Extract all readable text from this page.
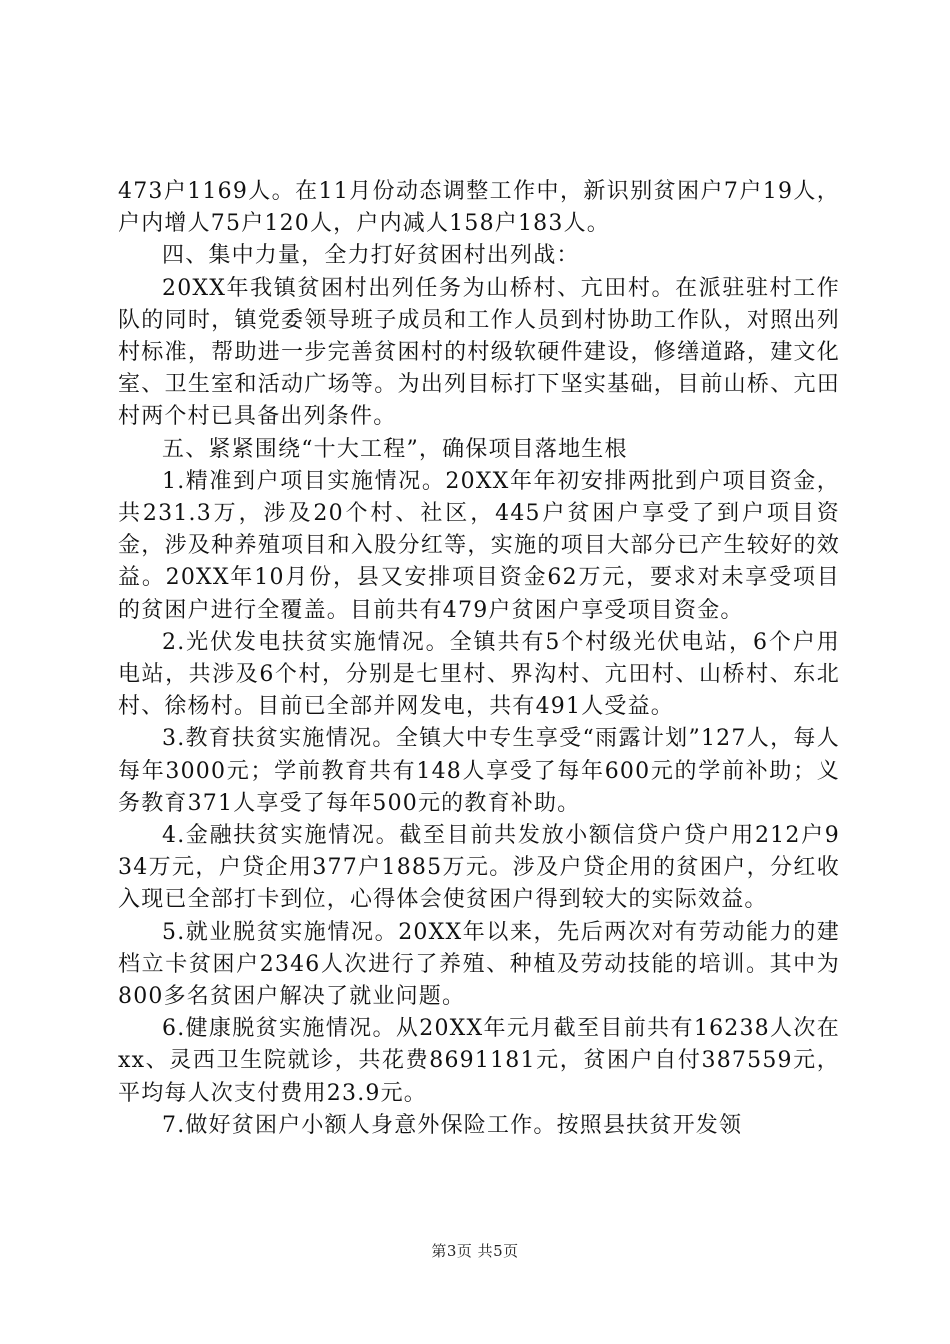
473户1169人。在11月份动态调整工作中，新识别贫困户7户19人，户内增人75户120人，户内减人158户183人。

四、集中力量，全力打好贫困村出列战：

20XX年我镇贫困村出列任务为山桥村、亢田村。在派驻驻村工作队的同时，镇党委领导班子成员和工作人员到村协助工作队，对照出列村标准，帮助进一步完善贫困村的村级软硬件建设，修缮道路，建文化室、卫生室和活动广场等。为出列目标打下坚实基础，目前山桥、亢田村两个村已具备出列条件。

五、紧紧围绕“十大工程”，确保项目落地生根

1.精准到户项目实施情况。20XX年年初安排两批到户项目资金，共231.3万，涉及20个村、社区，445户贫困户享受了到户项目资金，涉及种养殖项目和入股分红等，实施的项目大部分已产生较好的效益。20XX年10月份，县又安排项目资金62万元，要求对未享受项目的贫困户进行全覆盖。目前共有479户贫困户享受项目资金。

2.光伏发电扶贫实施情况。全镇共有5个村级光伏电站，6个户用电站，共涉及6个村，分别是七里村、界沟村、亢田村、山桥村、东北村、徐杨村。目前已全部并网发电，共有491人受益。

3.教育扶贫实施情况。全镇大中专生享受“雨露计划”127人，每人每年3000元；学前教育共有148人享受了每年600元的学前补助；义务教育371人享受了每年500元的教育补助。

4.金融扶贫实施情况。截至目前共发放小额信贷户贷户用212户934万元，户贷企用377户1885万元。涉及户贷企用的贫困户，分红收入现已全部打卡到位，心得体会使贫困户得到较大的实际效益。

5.就业脱贫实施情况。20XX年以来，先后两次对有劳动能力的建档立卡贫困户2346人次进行了养殖、种植及劳动技能的培训。其中为800多名贫困户解决了就业问题。

6.健康脱贫实施情况。从20XX年元月截至目前共有16238人次在xx、灵西卫生院就诊，共花费8691181元，贫困户自付387559元，平均每人次支付费用23.9元。

7.做好贫困户小额人身意外保险工作。按照县扶贫开发领

第3页 共5页
